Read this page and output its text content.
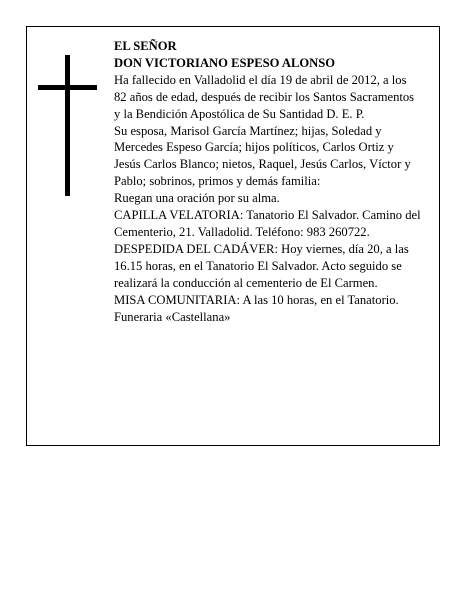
EL SEÑOR

DON VICTORIANO ESPESO ALONSO

Ha fallecido en Valladolid el día 19 de abril de 2012, a los 82 años de edad, después de recibir los Santos Sacramentos y la Bendición Apostólica de Su Santidad D. E. P.

Su esposa, Marisol García Martínez; hijas, Soledad y Mercedes Espeso García; hijos políticos, Carlos Ortiz y Jesús Carlos Blanco; nietos, Raquel, Jesús Carlos, Víctor y Pablo; sobrinos, primos y demás familia:

Ruegan una oración por su alma.

CAPILLA VELATORIA: Tanatorio El Salvador. Camino del Cementerio, 21. Valladolid. Teléfono: 983 260722.

DESPEDIDA DEL CADÁVER: Hoy viernes, día 20, a las 16.15 horas, en el Tanatorio El Salvador. Acto seguido se realizará la conducción al cementerio de El Carmen.

MISA COMUNITARIA: A las 10 horas, en el Tanatorio.

Funeraria «Castellana»
